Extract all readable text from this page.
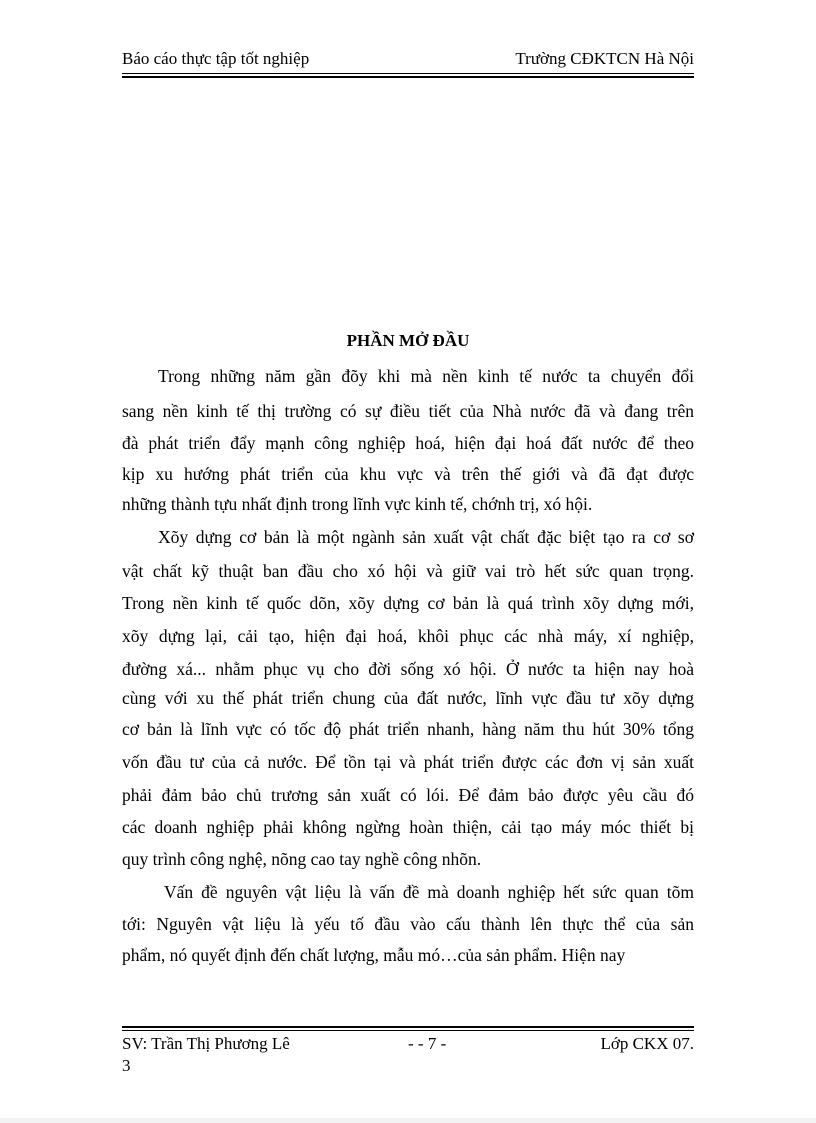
Báo cáo thực tập tốt nghiệp	Trường CĐKTCN Hà Nội
PHẦN MỞ ĐẦU
Trong những năm gần đõy khi mà nền kinh tế nước ta chuyển đổi
sang nền kinh tế thị trường có sự điều tiết của Nhà nước đã và đang trên
đà phát triển đẩy mạnh công nghiệp hoá, hiện đại hoá đất nước để theo
kịp xu hướng phát triển của khu vực và trên thế giới và đã đạt được
những thành tựu nhất định trong lĩnh vực kinh tế, chớnh trị, xó hội.
Xõy dựng cơ bản là một ngành sản xuất vật chất đặc biệt tạo ra cơ sơ
vật chất kỹ thuật ban đầu cho xó hội và giữ vai trò hết sức quan trọng.
Trong nền kinh tế quốc dõn, xõy dựng cơ bản là quá trình xõy dựng mới,
xõy dựng lại, cải tạo, hiện đại hoá, khôi phục các nhà máy, xí nghiệp,
đường xá... nhằm phục vụ cho đời sống xó hội. Ở nước ta hiện nay hoà
cùng với xu thế phát triển chung của đất nước, lĩnh vực đầu tư xõy dựng
cơ bản là lĩnh vực có tốc độ phát triển nhanh, hàng năm thu hút 30% tổng
vốn đầu tư của cả nước. Để tồn tại và phát triển được các đơn vị sản xuất
phải đảm bảo chủ trương sản xuất có lói. Để đảm bảo được yêu cầu đó
các doanh nghiệp phải không ngừng hoàn thiện, cải tạo máy móc thiết bị
quy trình công nghệ, nõng cao tay nghề công nhõn.
Vấn đề nguyên vật liệu là vấn đề mà doanh nghiệp hết sức quan tõm
tới: Nguyên vật liệu là yếu tố đầu vào cấu thành lên thực thể của sản
phẩm, nó quyết định đến chất lượng, mẫu mó…của sản phẩm. Hiện nay
SV: Trần Thị Phương Lê	- - 7 -	Lớp CKX 07.
3
